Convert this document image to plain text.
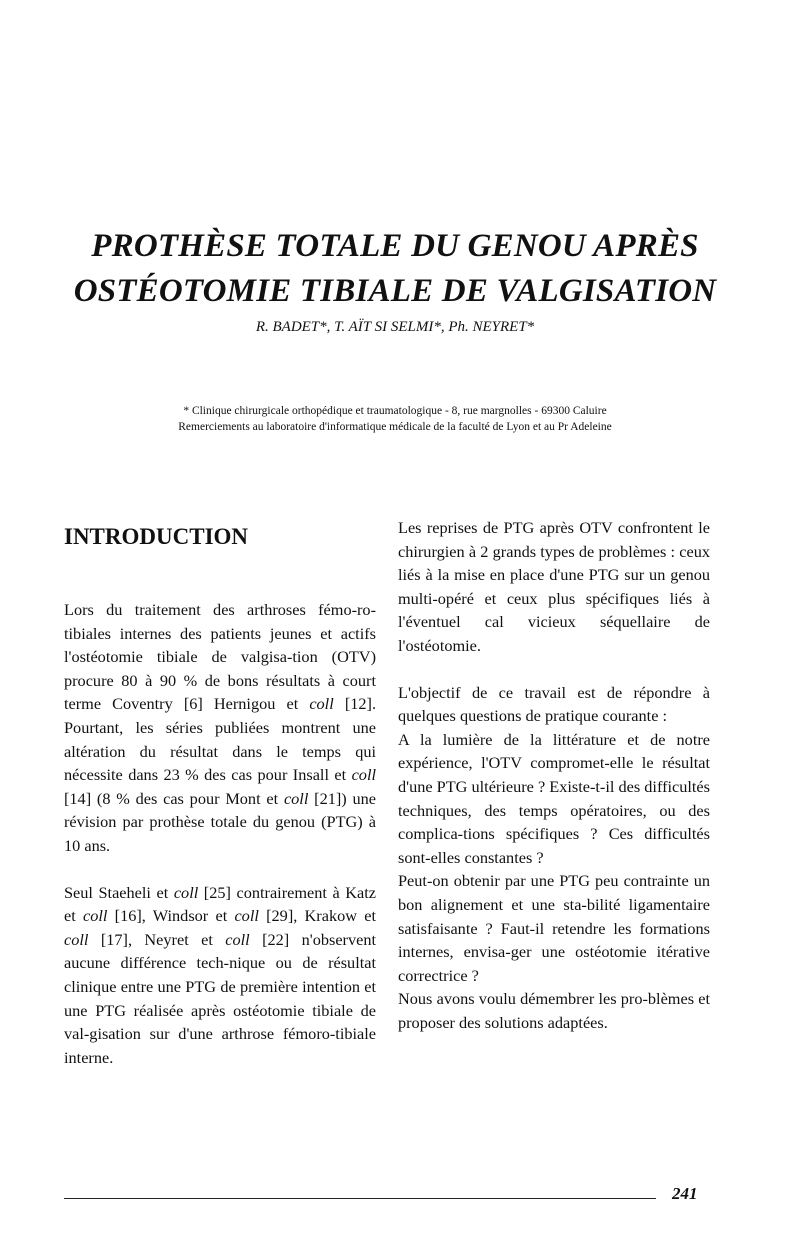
PROTHÈSE TOTALE DU GENOU APRÈS
OSTÉOTOMIE TIBIALE DE VALGISATION
R. BADET*, T. AÏT SI SELMI*, Ph. NEYRET*
* Clinique chirurgicale orthopédique et traumatologique - 8, rue margnolles - 69300 Caluire
Remerciements au laboratoire d'informatique médicale de la faculté de Lyon et au Pr Adeleine
INTRODUCTION

Lors du traitement des arthroses fémo-ro-tibiales internes des patients jeunes et actifs l'ostéotomie tibiale de valgisa-tion (OTV) procure 80 à 90 % de bons résultats à court terme Coventry [6] Hernigou et coll [12]. Pourtant, les séries publiées montrent une altération du résultat dans le temps qui nécessite dans 23 % des cas pour Insall et coll [14] (8 % des cas pour Mont et coll [21]) une révision par prothèse totale du genou (PTG) à 10 ans.

Seul Staeheli et coll [25] contrairement à Katz et coll [16], Windsor et coll [29], Krakow et coll [17], Neyret et coll [22] n'observent aucune différence tech-nique ou de résultat clinique entre une PTG de première intention et une PTG réalisée après ostéotomie tibiale de val-gisation sur d'une arthrose fémoro-tibiale interne.

Les reprises de PTG après OTV confrontent le chirurgien à 2 grands types de problèmes : ceux liés à la mise en place d'une PTG sur un genou multi-opéré et ceux plus spécifiques liés à l'éventuel cal vicieux séquellaire de l'ostéotomie.

L'objectif de ce travail est de répondre à quelques questions de pratique courante :

A la lumière de la littérature et de notre expérience, l'OTV compromet-elle le résultat d'une PTG ultérieure ? Existe-t-il des difficultés techniques, des temps opératoires, ou des complica-tions spécifiques ? Ces difficultés sont-elles constantes ?

Peut-on obtenir par une PTG peu contrainte un bon alignement et une sta-bilité ligamentaire satisfaisante ? Faut-il retendre les formations internes, envisa-ger une ostéotomie itérative correctrice ?

Nous avons voulu démembrer les pro-blèmes et proposer des solutions adaptées.

241
